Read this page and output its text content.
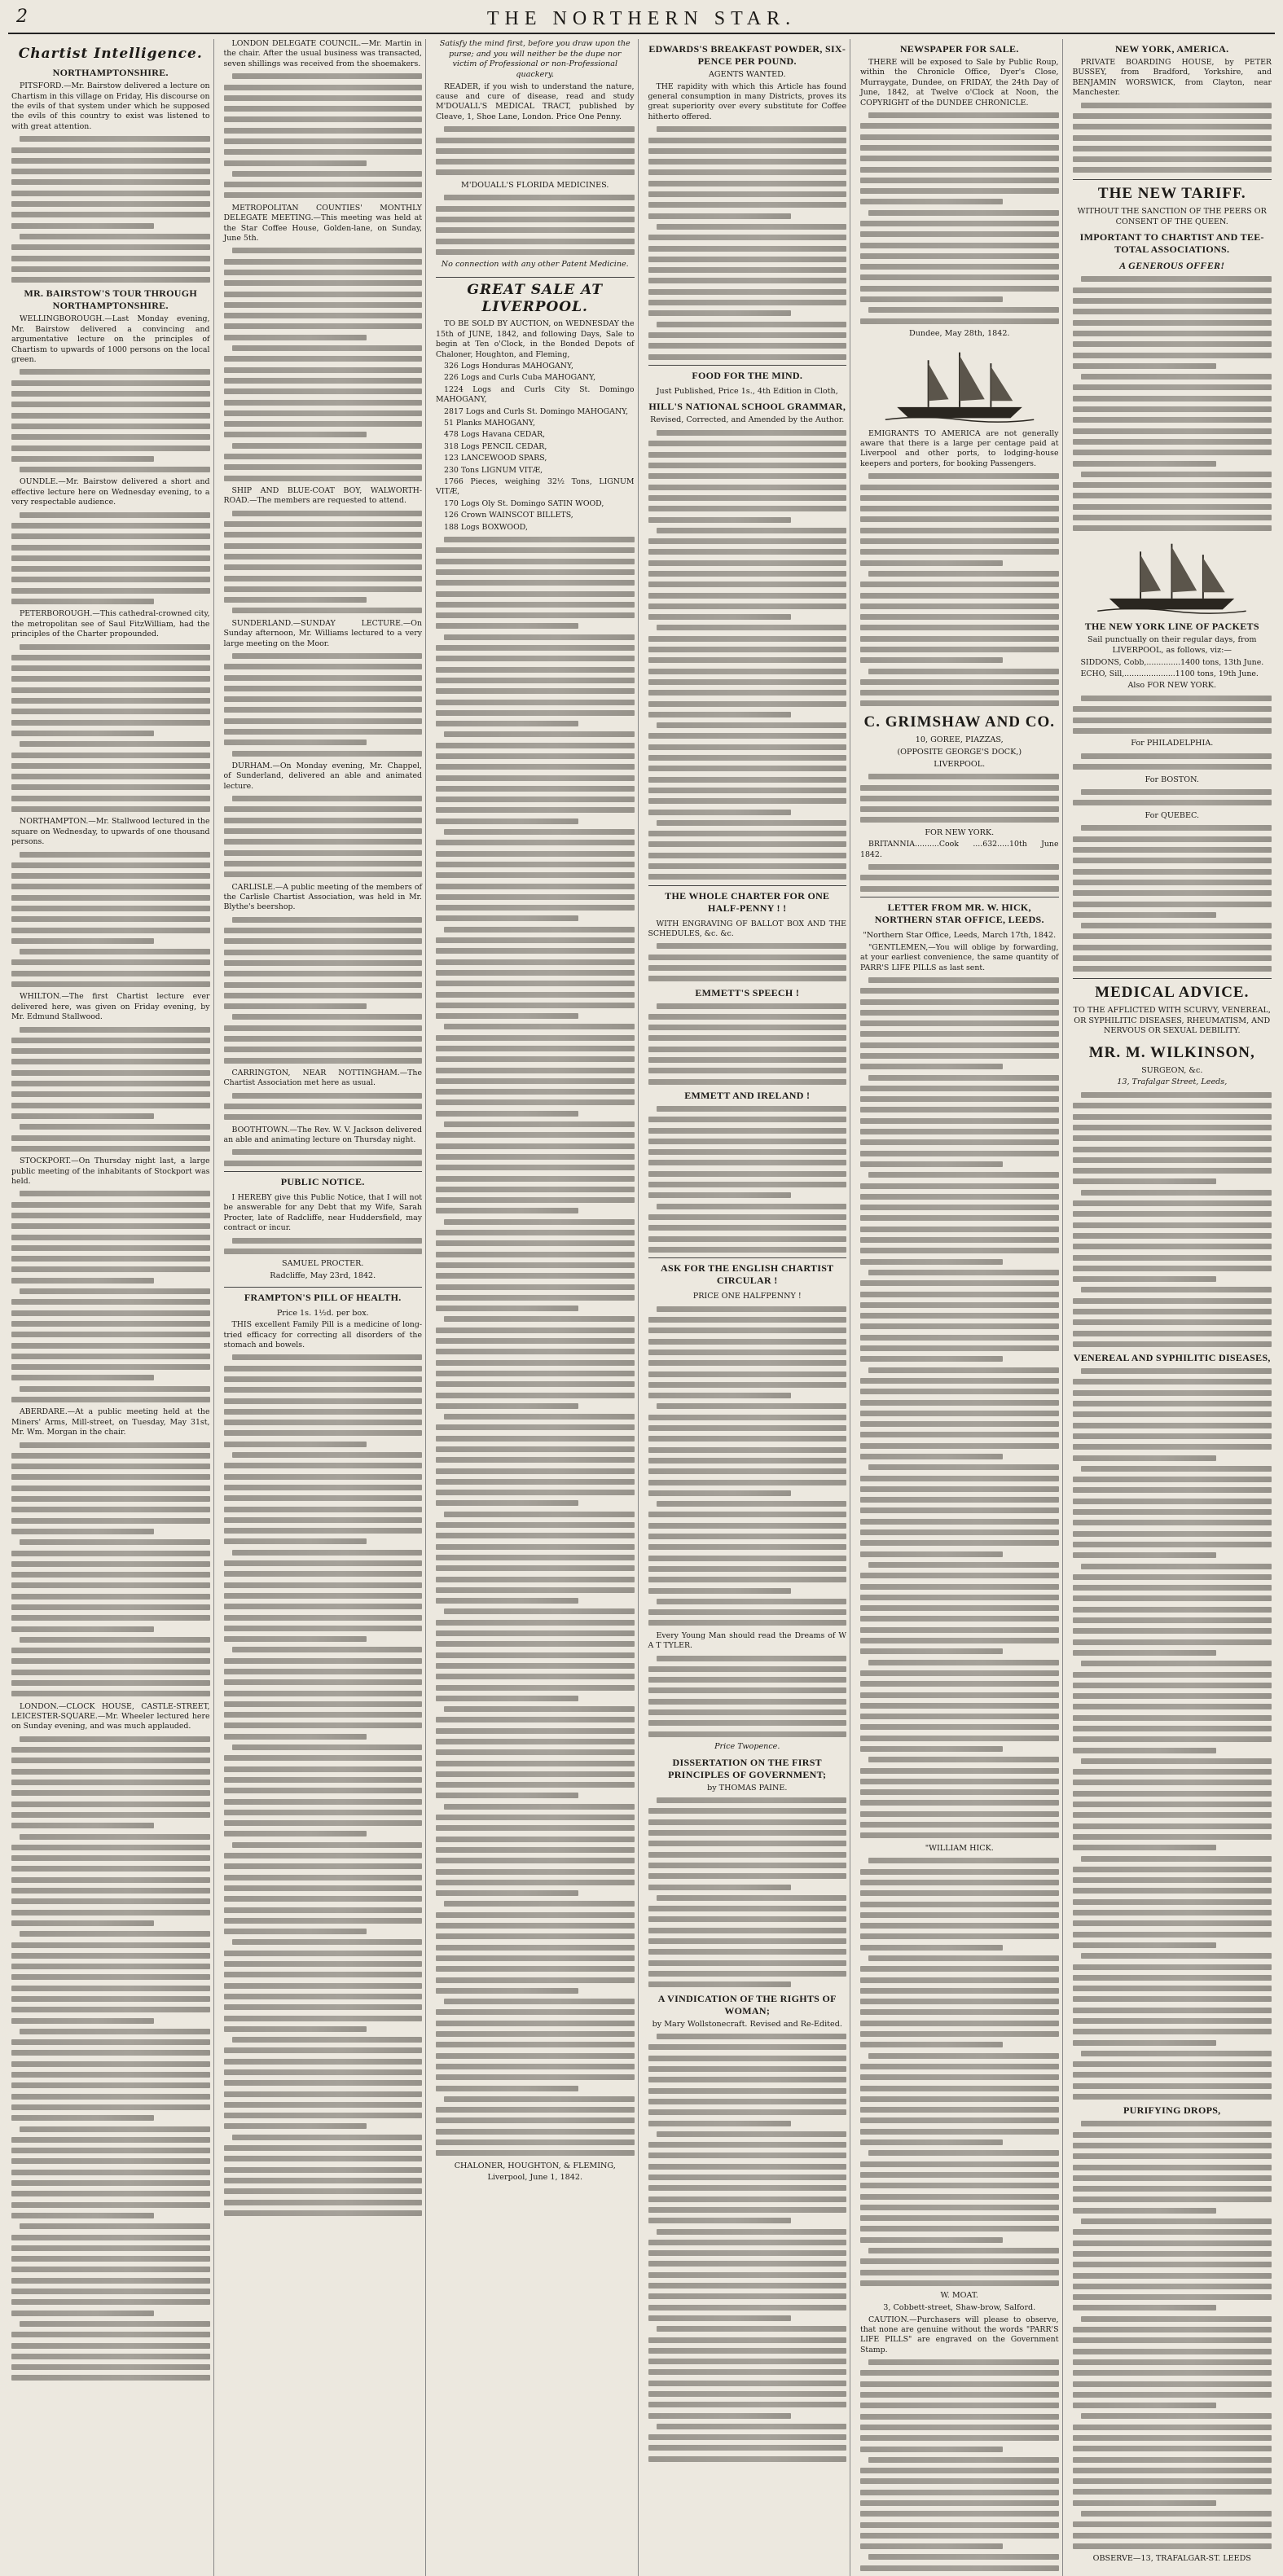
2	THE NORTHERN STAR.
Chartist Intelligence.
NORTHAMPTONSHIRE.

PITSFORD.—Mr. Bairstow delivered a lecture on Chartism in this village on Friday, His discourse on the evils of that system under which he supposed the evils of this country to exist was listened to with great attention.

MR. BAIRSTOW'S TOUR THROUGH NORTHAMPTONSHIRE.

WELLINGBOROUGH.—Last Monday evening, Mr. Bairstow delivered a convincing and argumentative lecture on the principles of Chartism to upwards of 1000 persons on the local green.

OUNDLE.—Mr. Bairstow delivered a short and effective lecture here on Wednesday evening, to a very respectable audience.

PETERBOROUGH.—This cathedral-crowned city, the metropolitan see of Saul FitzWilliam, had the principles of the Charter propounded.

NORTHAMPTON.—Mr. Stallwood lectured in the square on Wednesday, to upwards of one thousand persons.

WHILTON.—The first Chartist lecture ever delivered here, was given on Friday evening, by Mr. Edmund Stallwood.

STOCKPORT.—On Thursday night last, a large public meeting of the inhabitants of Stockport was held.

ABERDARE.—At a public meeting held at the Miners' Arms, Mill-street, on Tuesday, May 31st, Mr. Wm. Morgan in the chair.

LONDON.—CLOCK HOUSE, CASTLE-STREET, LEICESTER-SQUARE.—Mr. Wheeler lectured here on Sunday evening, and was much applauded.

LONDON DELEGATE COUNCIL.—Mr. Martin in the chair. After the usual business was transacted, seven shillings was received from the shoemakers.

METROPOLITAN COUNTIES' MONTHLY DELEGATE MEETING.—This meeting was held at the Star Coffee House, Golden-lane, on Sunday, June 5th.

SHIP AND BLUE-COAT BOY, WALWORTH-ROAD.—The members are requested to attend.

SUNDERLAND.—SUNDAY LECTURE.—On Sunday afternoon, Mr. Williams lectured to a very large meeting on the Moor.

DURHAM.—On Monday evening, Mr. Chappel, of Sunderland, delivered an able and animated lecture.

CARLISLE.—A public meeting of the members of the Carlisle Chartist Association, was held in Mr. Blythe's beershop.

CARRINGTON, NEAR NOTTINGHAM.—The Chartist Association met here as usual.

BOOTHTOWN.—The Rev. W. V. Jackson delivered an able and animating lecture on Thursday night.

PUBLIC NOTICE.

I HEREBY give this Public Notice, that I will not be answerable for any Debt that my Wife, Sarah Procter, late of Radcliffe, near Huddersfield, may contract or incur.

SAMUEL PROCTER.

Radcliffe, May 23rd, 1842.

FRAMPTON'S PILL OF HEALTH.

Price 1s. 1½d. per box.

THIS excellent Family Pill is a medicine of long-tried efficacy for correcting all disorders of the stomach and bowels.

Satisfy the mind first, before you draw upon the purse; and you will neither be the dupe nor victim of Professional or non-Professional quackery.

READER, if you wish to understand the nature, cause and cure of disease, read and study M'DOUALL'S MEDICAL TRACT, published by Cleave, 1, Shoe Lane, London. Price One Penny.

M'DOUALL'S FLORIDA MEDICINES.

No connection with any other Patent Medicine.

GREAT SALE AT LIVERPOOL.

TO BE SOLD BY AUCTION, on WEDNESDAY the 15th of JUNE, 1842, and following Days, Sale to begin at Ten o'Clock, in the Bonded Depots of Chaloner, Houghton, and Fleming,

326 Logs Honduras MAHOGANY,

226 Logs and Curls Cuba MAHOGANY,

1224 Logs and Curls City St. Domingo MAHOGANY,

2817 Logs and Curls St. Domingo MAHOGANY,

51 Planks MAHOGANY,

478 Logs Havana CEDAR,

318 Logs PENCIL CEDAR,

123 LANCEWOOD SPARS,

230 Tons LIGNUM VITÆ,

1766 Pieces, weighing 32½ Tons, LIGNUM VITÆ,

170 Logs Oly St. Domingo SATIN WOOD,

126 Crown WAINSCOT BILLETS,

188 Logs BOXWOOD,

CHALONER, HOUGHTON, & FLEMING,

Liverpool, June 1, 1842.

EDWARDS'S BREAKFAST POWDER, SIX-PENCE PER POUND.

AGENTS WANTED.

THE rapidity with which this Article has found general consumption in many Districts, proves its great superiority over every substitute for Coffee hitherto offered.

FOOD FOR THE MIND.

Just Published, Price 1s., 4th Edition in Cloth,

HILL'S NATIONAL SCHOOL GRAMMAR,

Revised, Corrected, and Amended by the Author.

THE WHOLE CHARTER FOR ONE HALF-PENNY ! !

WITH ENGRAVING OF BALLOT BOX AND THE SCHEDULES, &c. &c.

EMMETT'S SPEECH !
EMMETT AND IRELAND !
ASK FOR THE ENGLISH CHARTIST CIRCULAR !

PRICE ONE HALFPENNY !

Every Young Man should read the Dreams of W A T TYLER.

Price Twopence.

DISSERTATION ON THE FIRST PRINCIPLES OF GOVERNMENT;

by THOMAS PAINE.

A VINDICATION OF THE RIGHTS OF WOMAN;

by Mary Wollstonecraft. Revised and Re-Edited.

NEWSPAPER FOR SALE.

THERE will be exposed to Sale by Public Roup, within the Chronicle Office, Dyer's Close, Murraygate, Dundee, on FRIDAY, the 24th Day of June, 1842, at Twelve o'Clock at Noon, the COPYRIGHT of the DUNDEE CHRONICLE.

Dundee, May 28th, 1842.

EMIGRANTS TO AMERICA are not generally aware that there is a large per centage paid at Liverpool and other ports, to lodging-house keepers and porters, for booking Passengers.

C. GRIMSHAW AND CO.

10, GOREE, PIAZZAS,

(OPPOSITE GEORGE'S DOCK,)

LIVERPOOL.

FOR NEW YORK.

BRITANNIA..........Cook ....632.....10th June 1842.

LETTER FROM MR. W. HICK, NORTHERN STAR OFFICE, LEEDS.

"Northern Star Office, Leeds, March 17th, 1842.

"GENTLEMEN,—You will oblige by forwarding, at your earliest convenience, the same quantity of PARR'S LIFE PILLS as last sent.

"WILLIAM HICK.

W. MOAT.

3, Cobbett-street, Shaw-brow, Salford.

CAUTION.—Purchasers will please to observe, that none are genuine without the words "PARR'S LIFE PILLS" are engraved on the Government Stamp.

NEW YORK, AMERICA.

PRIVATE BOARDING HOUSE, by PETER BUSSEY, from Bradford, Yorkshire, and BENJAMIN WORSWICK, from Clayton, near Manchester.

THE NEW TARIFF.

WITHOUT THE SANCTION OF THE PEERS OR CONSENT OF THE QUEEN.

IMPORTANT TO CHARTIST AND TEE-TOTAL ASSOCIATIONS.
A GENEROUS OFFER!
THE NEW YORK LINE OF PACKETS

Sail punctually on their regular days, from LIVERPOOL, as follows, viz:—

SIDDONS, Cobb,..............1400 tons, 13th June.

ECHO, Sill,.....................1100 tons, 19th June.

Also FOR NEW YORK.

For PHILADELPHIA.

For BOSTON.

For QUEBEC.

MEDICAL ADVICE.

TO THE AFFLICTED WITH SCURVY, VENEREAL, OR SYPHILITIC DISEASES, RHEUMATISM, AND NERVOUS OR SEXUAL DEBILITY.

MR. M. WILKINSON,

SURGEON, &c.

13, Trafalgar Street, Leeds,

VENEREAL AND SYPHILITIC DISEASES,
PURIFYING DROPS,

OBSERVE—13, TRAFALGAR-ST. LEEDS
